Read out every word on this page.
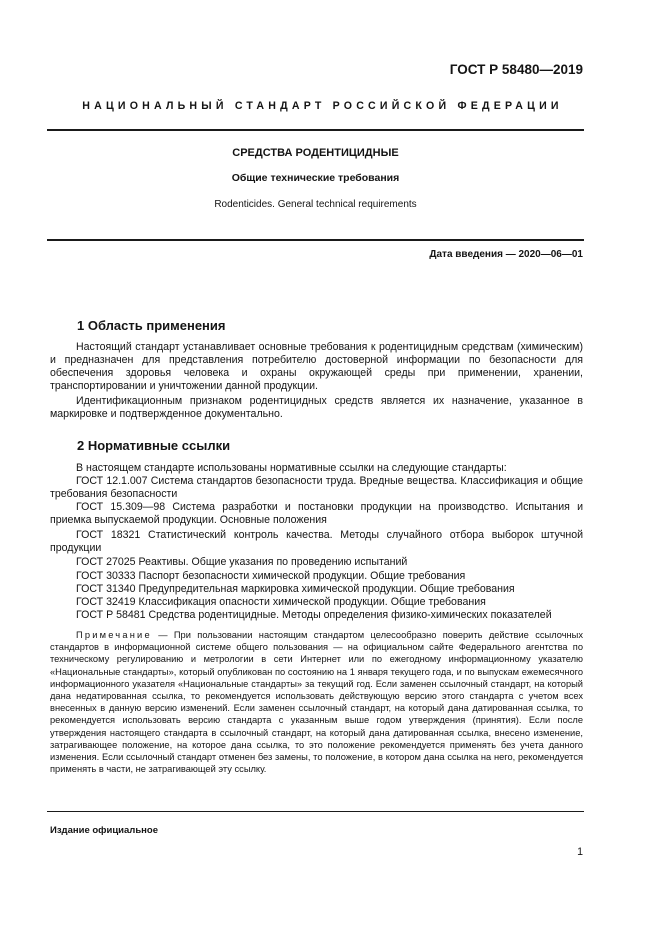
ГОСТ Р 58480—2019
НАЦИОНАЛЬНЫЙ СТАНДАРТ РОССИЙСКОЙ ФЕДЕРАЦИИ
СРЕДСТВА РОДЕНТИЦИДНЫЕ
Общие технические требования
Rodenticides. General technical requirements
Дата введения — 2020—06—01
1 Область применения
Настоящий стандарт устанавливает основные требования к родентицидным средствам (химическим) и предназначен для представления потребителю достоверной информации по безопасности для обеспечения здоровья человека и охраны окружающей среды при применении, хранении, транспортировании и уничтожении данной продукции.
Идентификационным признаком родентицидных средств является их назначение, указанное в маркировке и подтвержденное документально.
2 Нормативные ссылки
В настоящем стандарте использованы нормативные ссылки на следующие стандарты:
ГОСТ 12.1.007 Система стандартов безопасности труда. Вредные вещества. Классификация и общие требования безопасности
ГОСТ 15.309—98 Система разработки и постановки продукции на производство. Испытания и приемка выпускаемой продукции. Основные положения
ГОСТ 18321 Статистический контроль качества. Методы случайного отбора выборок штучной продукции
ГОСТ 27025 Реактивы. Общие указания по проведению испытаний
ГОСТ 30333 Паспорт безопасности химической продукции. Общие требования
ГОСТ 31340 Предупредительная маркировка химической продукции. Общие требования
ГОСТ 32419 Классификация опасности химической продукции. Общие требования
ГОСТ Р 58481 Средства родентицидные. Методы определения физико-химических показателей
Примечание — При пользовании настоящим стандартом целесообразно поверить действие ссылочных стандартов в информационной системе общего пользования — на официальном сайте Федерального агентства по техническому регулированию и метрологии в сети Интернет или по ежегодному информационному указателю «Национальные стандарты», который опубликован по состоянию на 1 января текущего года, и по выпускам ежемесячного информационного указателя «Национальные стандарты» за текущий год. Если заменен ссылочный стандарт, на который дана недатированная ссылка, то рекомендуется использовать действующую версию этого стандарта с учетом всех внесенных в данную версию изменений. Если заменен ссылочный стандарт, на который дана датированная ссылка, то рекомендуется использовать версию стандарта с указанным выше годом утверждения (принятия). Если после утверждения настоящего стандарта в ссылочный стандарт, на который дана датированная ссылка, внесено изменение, затрагивающее положение, на которое дана ссылка, то это положение рекомендуется применять без учета данного изменения. Если ссылочный стандарт отменен без замены, то положение, в котором дана ссылка на него, рекомендуется применять в части, не затрагивающей эту ссылку.
Издание официальное
1
